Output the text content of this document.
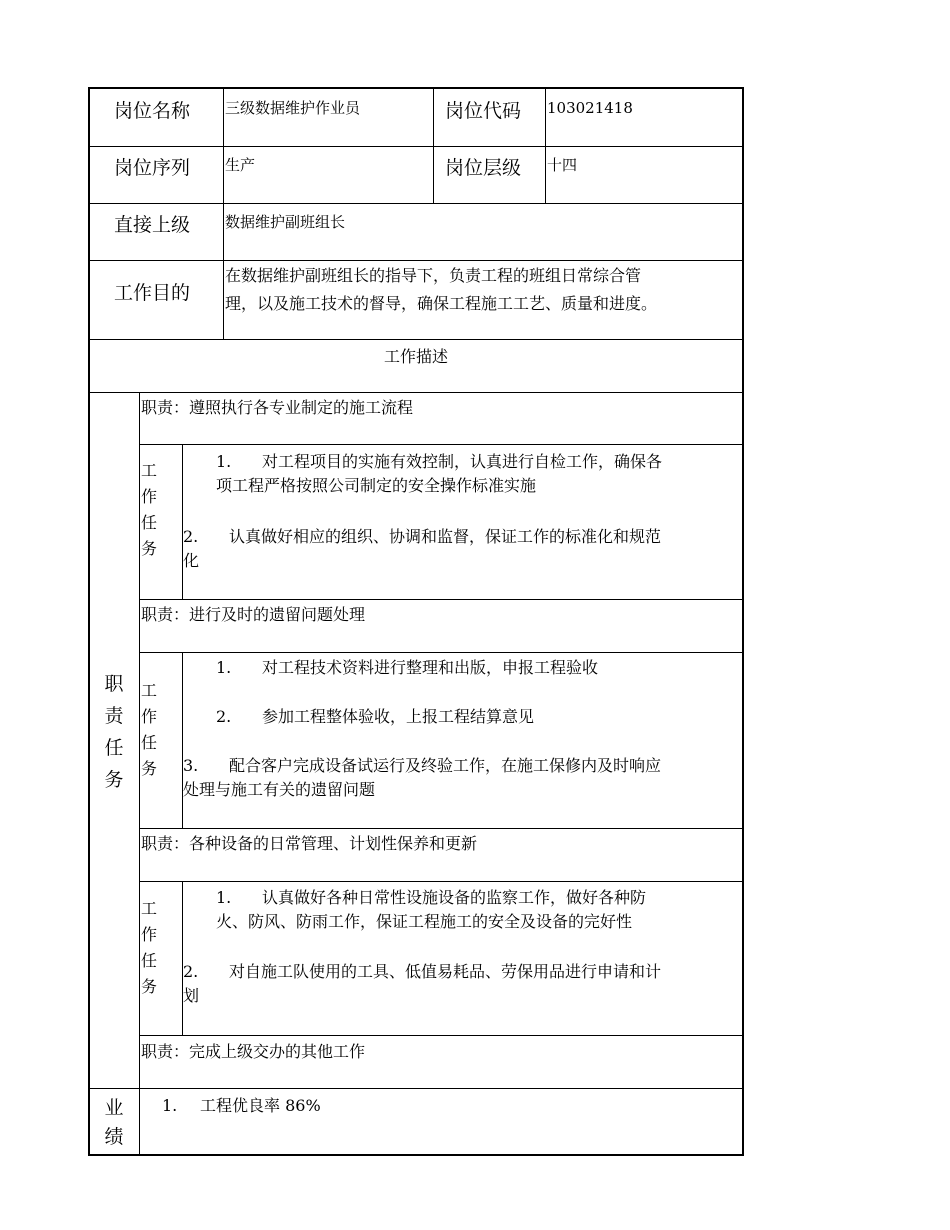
岗位名称 三级数据维护作业员	岗位代码 103021418
岗位序列 生产	岗位层级 十四
直接上级 数据维护副班组长
工作目的
在数据维护副班组长的指导下，负责工程的班组日常综合管
理，以及施工技术的督导，确保工程施工工艺、质量和进度。
工作描述
职
责
任
务
职责：遵照执行各专业制定的施工流程
工
作
任
务
1. 对工程项目的实施有效控制，认真进行自检工作，确保各
项工程严格按照公司制定的安全操作标准实施
2. 认真做好相应的组织、协调和监督，保证工作的标准化和规范
化
职责：进行及时的遗留问题处理
工
作
任
务
1. 对工程技术资料进行整理和出版，申报工程验收
2. 参加工程整体验收，上报工程结算意见
3. 配合客户完成设备试运行及终验工作，在施工保修内及时响应
处理与施工有关的遗留问题
职责：各种设备的日常管理、计划性保养和更新
工
作
任
务
1. 认真做好各种日常性设施设备的监察工作，做好各种防
火、防风、防雨工作，保证工程施工的安全及设备的完好性
2. 对自施工队使用的工具、低值易耗品、劳保用品进行申请和计
划
职责：完成上级交办的其他工作
业
绩
1. 工程优良率 86%
